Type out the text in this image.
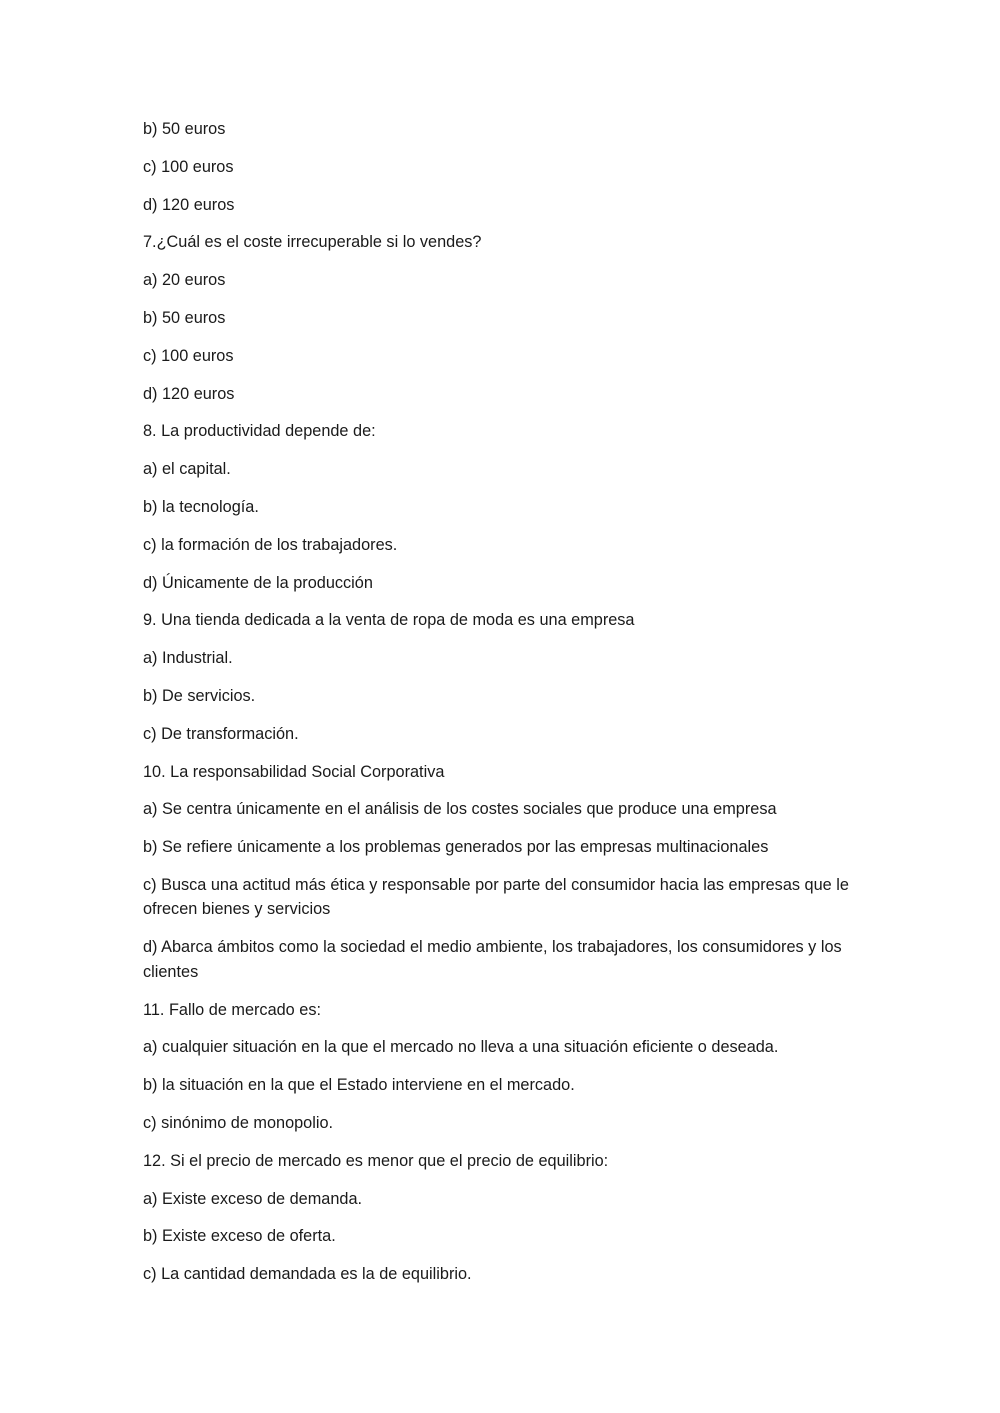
b) 50 euros
c) 100 euros
d) 120 euros
7.¿Cuál es el coste irrecuperable si lo vendes?
a) 20 euros
b) 50 euros
c) 100 euros
d) 120 euros
8. La productividad depende de:
a) el capital.
b) la tecnología.
c) la formación de los trabajadores.
d) Únicamente de la producción
9. Una tienda dedicada a la venta de ropa de moda es una empresa
a) Industrial.
b) De servicios.
c) De transformación.
10. La responsabilidad Social Corporativa
a) Se centra únicamente en el análisis de los costes sociales que produce una empresa
b) Se refiere únicamente a los problemas generados por las empresas multinacionales
c) Busca una actitud más ética y responsable por parte del consumidor hacia las empresas que le ofrecen bienes y servicios
d) Abarca ámbitos como la sociedad el medio ambiente, los trabajadores, los consumidores y los clientes
11. Fallo de mercado es:
a) cualquier situación en la que el mercado no lleva a una situación eficiente o deseada.
b) la situación en la que el Estado interviene en el mercado.
c) sinónimo de monopolio.
12. Si el precio de mercado es menor que el precio de equilibrio:
a) Existe exceso de demanda.
b) Existe exceso de oferta.
c) La cantidad demandada es la de equilibrio.
